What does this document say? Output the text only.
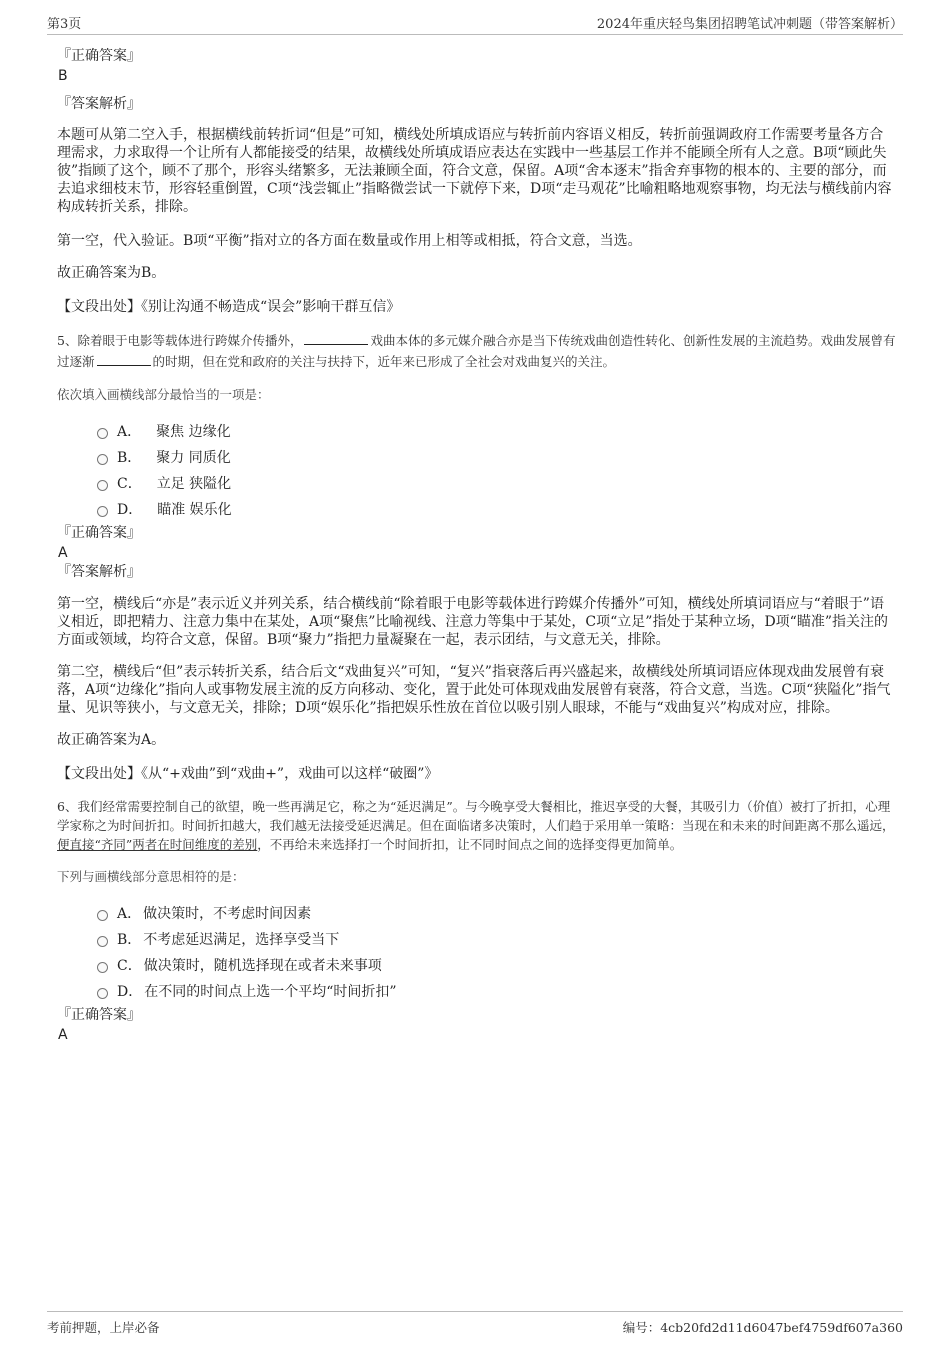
第3页	2024年重庆轻鸟集团招聘笔试冲刺题（带答案解析）

『正确答案』

B

『答案解析』

本题可从第二空入手，根据横线前转折词“但是”可知，横线处所填成语应与转折前内容语义相反，转折前强调政府工作需要考量各方合理需求，力求取得一个让所有人都能接受的结果，故横线处所填成语应表达在实践中一些基层工作并不能顾全所有人之意。B项“顾此失彼”指顾了这个，顾不了那个，形容头绪繁多，无法兼顾全面，符合文意，保留。A项“舍本逐末”指舍弃事物的根本的、主要的部分，而去追求细枝末节，形容轻重倒置，C项“浅尝辄止”指略微尝试一下就停下来，D项“走马观花”比喻粗略地观察事物，均无法与横线前内容构成转折关系，排除。

第一空，代入验证。B项“平衡”指对立的各方面在数量或作用上相等或相抵，符合文意，当选。

故正确答案为B。

【文段出处】《别让沟通不畅造成“误会”影响干群互信》

5、除着眼于电影等载体进行跨媒介传播外，	戏曲本体的多元媒介融合亦是当下传统戏曲创造性转化、创新性发展的主流趋势。戏曲发展曾有过逐渐	的时期，但在党和政府的关注与扶持下，近年来已形成了全社会对戏曲复兴的关注。

依次填入画横线部分最恰当的一项是：

A． 聚焦 边缘化
B． 聚力 同质化
C． 立足 狭隘化
D． 瞄准 娱乐化

『正确答案』

A

『答案解析』

第一空，横线后“亦是”表示近义并列关系，结合横线前“除着眼于电影等载体进行跨媒介传播外”可知，横线处所填词语应与“着眼于”语义相近，即把精力、注意力集中在某处，A项“聚焦”比喻视线、注意力等集中于某处，C项“立足”指处于某种立场，D项“瞄准”指关注的方面或领域，均符合文意，保留。B项“聚力”指把力量凝聚在一起，表示团结，与文意无关，排除。

第二空，横线后“但”表示转折关系，结合后文“戏曲复兴”可知，“复兴”指衰落后再兴盛起来，故横线处所填词语应体现戏曲发展曾有衰落，A项“边缘化”指向人或事物发展主流的反方向移动、变化，置于此处可体现戏曲发展曾有衰落，符合文意，当选。C项“狭隘化”指气量、见识等狭小，与文意无关，排除；D项“娱乐化”指把娱乐性放在首位以吸引别人眼球，不能与“戏曲复兴”构成对应，排除。

故正确答案为A。

【文段出处】《从“+戏曲”到“戏曲+”，戏曲可以这样“破圈”》

6、我们经常需要控制自己的欲望，晚一些再满足它，称之为“延迟满足”。与今晚享受大餐相比，推迟享受的大餐，其吸引力（价值）被打了折扣，心理学家称之为时间折扣。时间折扣越大，我们越无法接受延迟满足。但在面临诸多决策时，人们趋于采用单一策略：当现在和未来的时间距离不那么遥远，便直接“齐同”两者在时间维度的差别，不再给未来选择打一个时间折扣，让不同时间点之间的选择变得更加简单。

下列与画横线部分意思相符的是：

A． 做决策时，不考虑时间因素
B． 不考虑延迟满足，选择享受当下
C． 做决策时，随机选择现在或者未来事项
D． 在不同的时间点上选一个平均“时间折扣”

『正确答案』

A

考前押题，上岸必备	编号：4cb20fd2d11d6047bef4759df607a360
